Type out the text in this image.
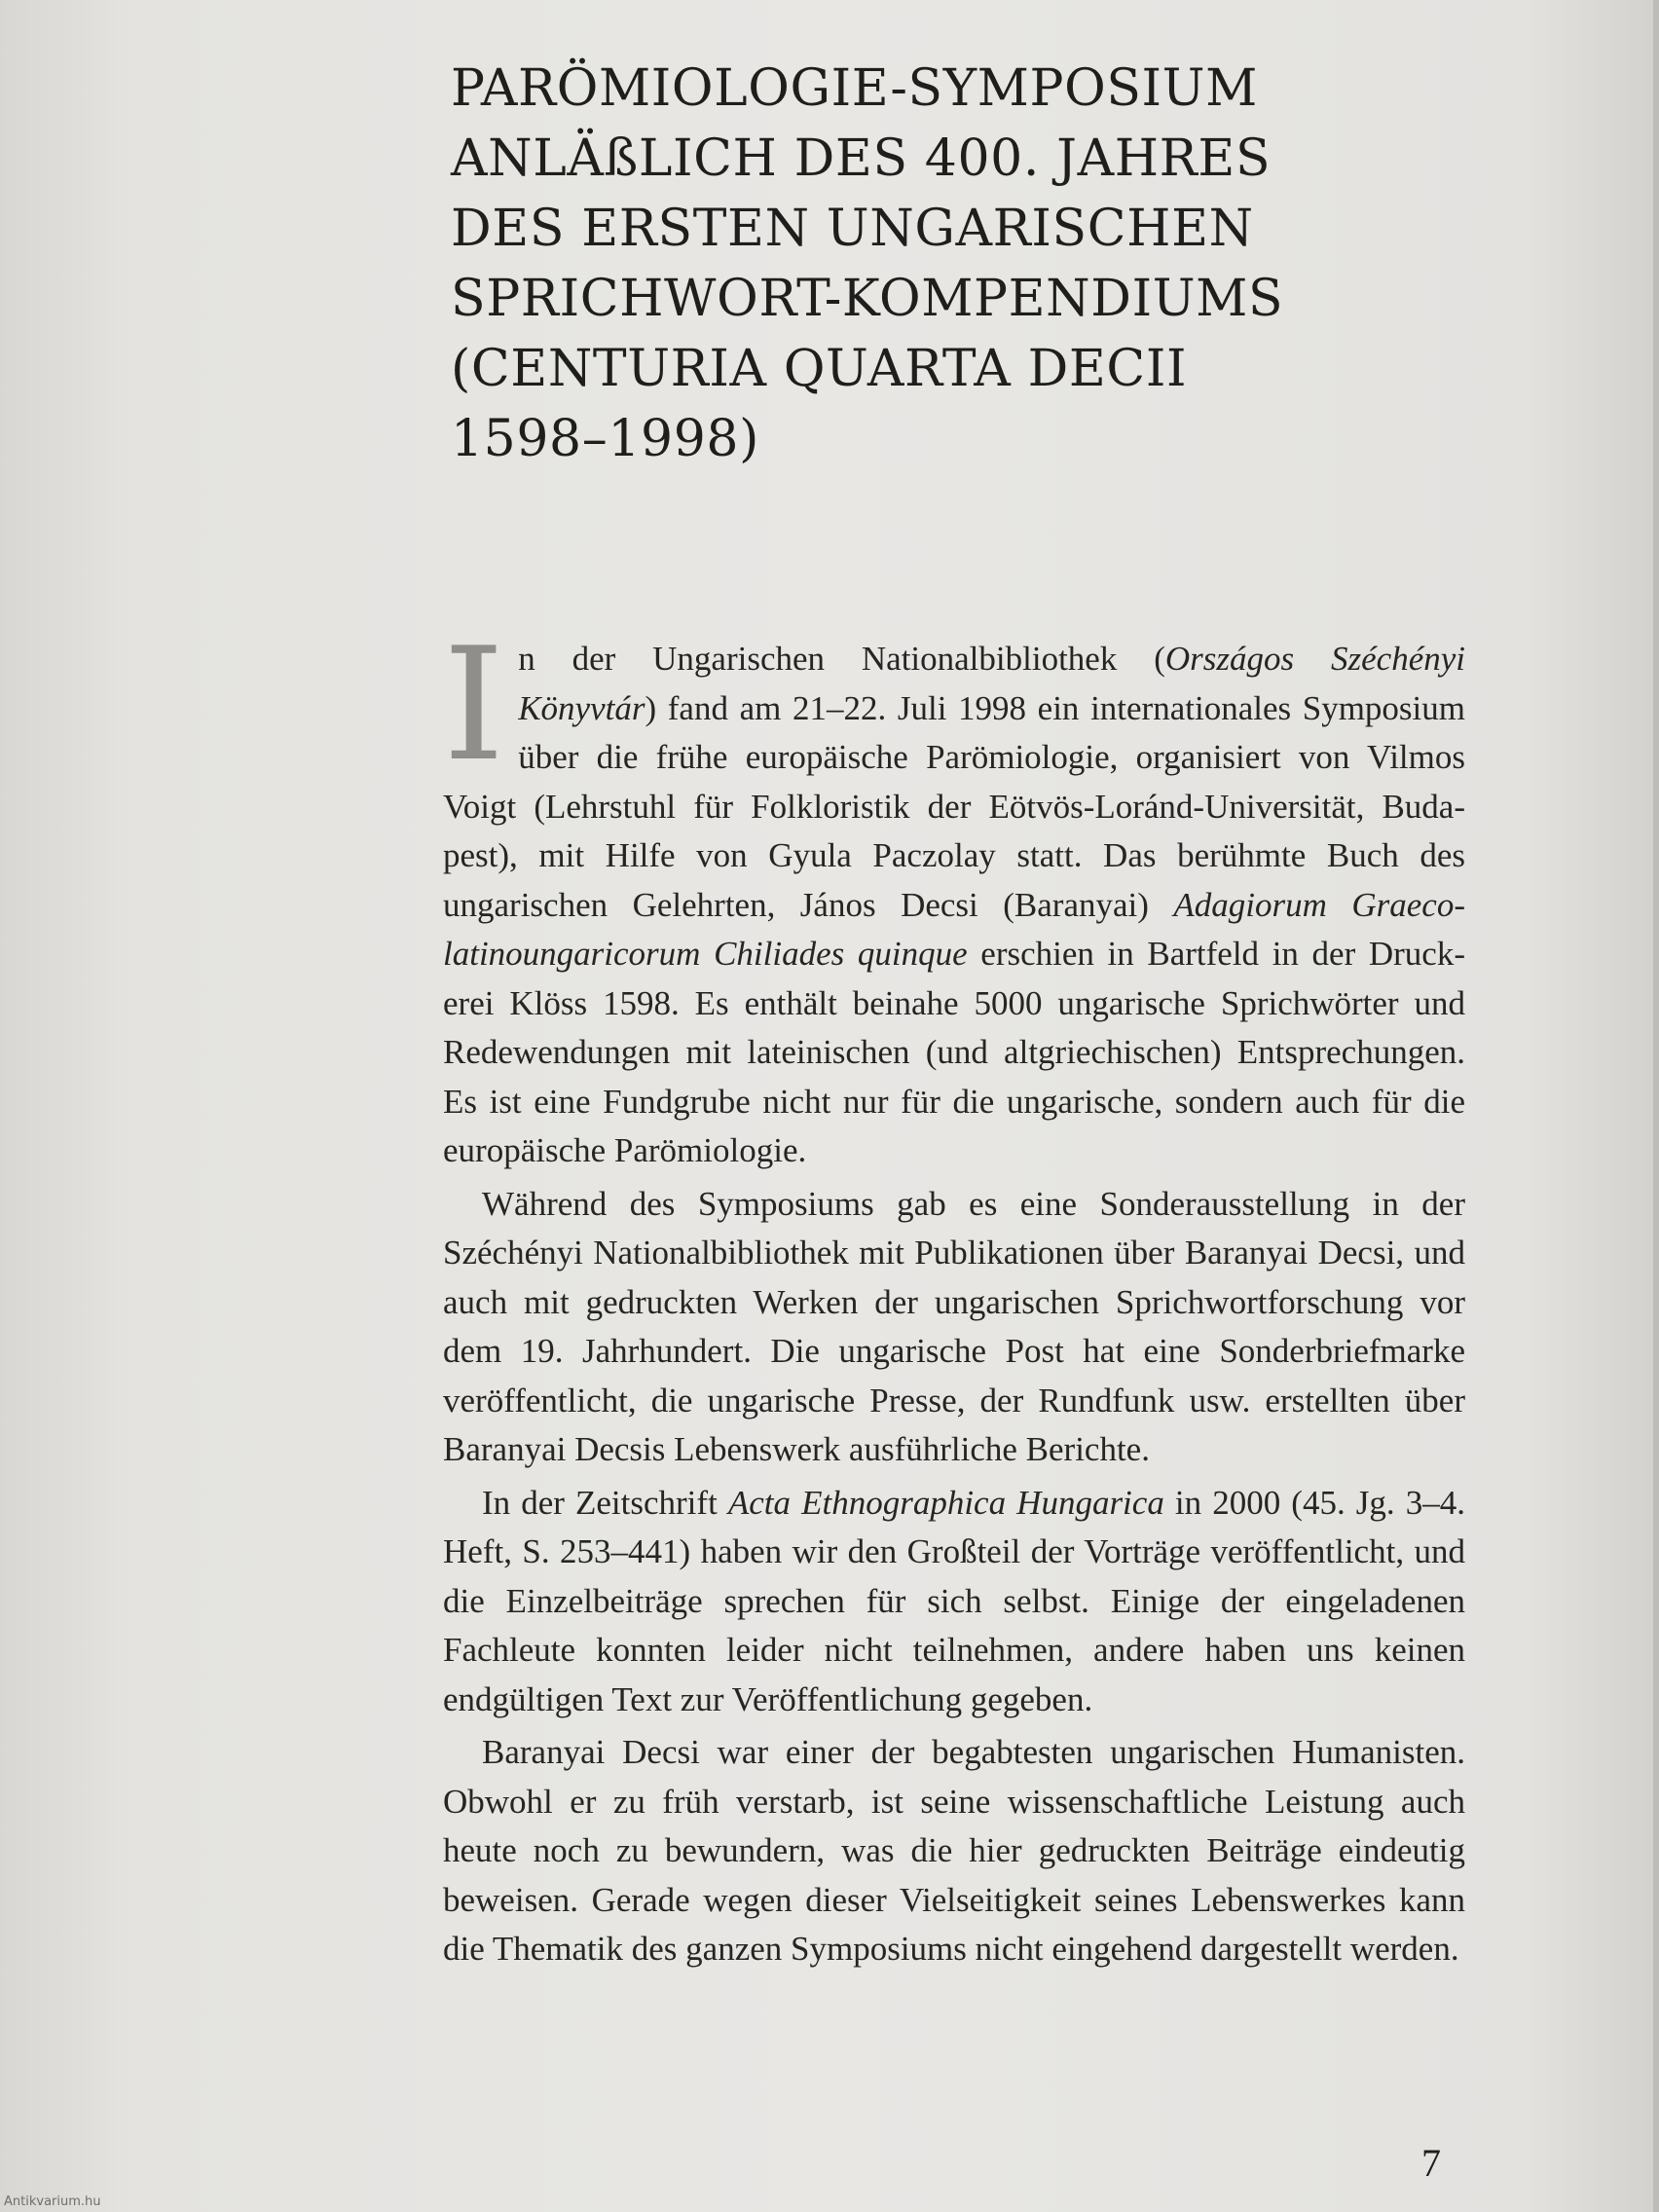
PARÖMIOLOGIE-SYMPOSIUM
ANLÄßLICH DES 400. JAHRES
DES ERSTEN UNGARISCHEN
SPRICHWORT-KOMPENDIUMS
(CENTURIA QUARTA DECII
1598–1998)

In der Ungarischen Nationalbibliothek (Országos Széchényi Könyvtár) fand am 21–22. Juli 1998 ein internationales Symposium über die frühe europäische Parömiologie, organisiert von Vilmos Voigt (Lehrstuhl für Folkloristik der Eötvös-Loránd-Universität, Budapest), mit Hilfe von Gyula Paczolay statt. Das berühmte Buch des ungarischen Gelehrten, János Decsi (Baranyai) Adagiorum Graecolatinoungaricorum Chiliades quinque erschien in Bartfeld in der Druckerei Klöss 1598. Es enthält beinahe 5000 ungarische Sprichwörter und Redewendungen mit lateinischen (und altgriechischen) Entsprechungen. Es ist eine Fundgrube nicht nur für die ungarische, sondern auch für die europäische Parömiologie.

Während des Symposiums gab es eine Sonderausstellung in der Széchényi Nationalbibliothek mit Publikationen über Baranyai Decsi, und auch mit gedruckten Werken der ungarischen Sprichwortforschung vor dem 19. Jahrhundert. Die ungarische Post hat eine Sonderbriefmarke veröffentlicht, die ungarische Presse, der Rundfunk usw. erstellten über Baranyai Decsis Lebenswerk ausführliche Berichte.

In der Zeitschrift Acta Ethnographica Hungarica in 2000 (45. Jg. 3–4. Heft, S. 253–441) haben wir den Großteil der Vorträge veröffentlicht, und die Einzelbeiträge sprechen für sich selbst. Einige der eingeladenen Fachleute konnten leider nicht teilnehmen, andere haben uns keinen endgültigen Text zur Veröffentlichung gegeben.

Baranyai Decsi war einer der begabtesten ungarischen Humanisten. Obwohl er zu früh verstarb, ist seine wissenschaftliche Leistung auch heute noch zu bewundern, was die hier gedruckten Beiträge eindeutig beweisen. Gerade wegen dieser Vielseitigkeit seines Lebenswerkes kann die Thematik des ganzen Symposiums nicht eingehend dargestellt werden.

7
Antikvarium.hu
